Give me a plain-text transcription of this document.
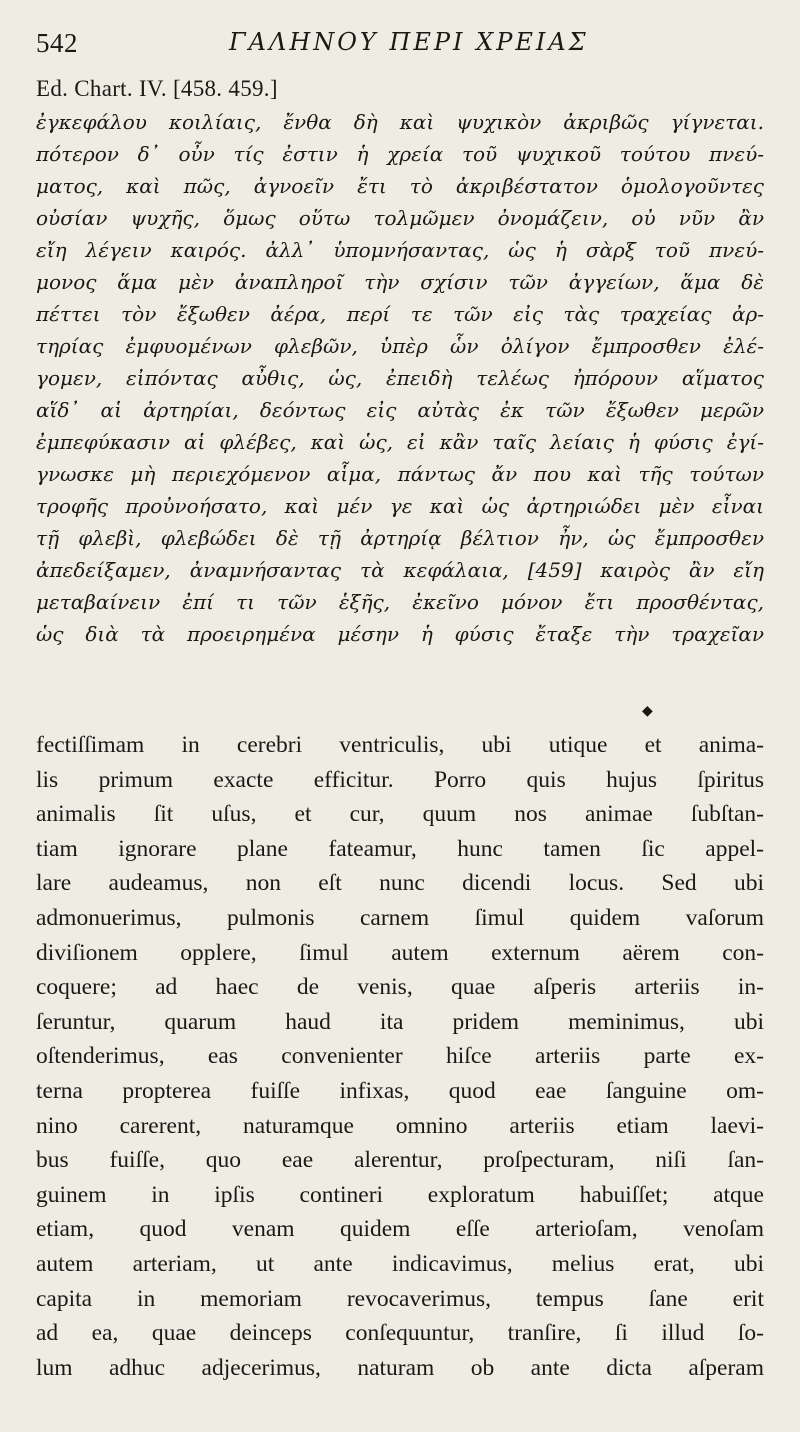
542	ΓΑΛΗΝΟΥ ΠΕΡΙ ΧΡΕΙΑΣ
Ed. Chart. IV. [458. 459.]
ἐγκεφάλου κοιλίαις, ἔνθα δὴ καὶ ψυχικὸν ἀκριβῶς γίγνεται.
πότερον δ᾽ οὖν τίς ἐστιν ἡ χρεία τοῦ ψυχικοῦ τούτου πνεύ-
ματος, καὶ πῶς, ἀγνοεῖν ἔτι τὸ ἀκριβέστατον ὁμολογοῦντες
οὐσίαν ψυχῆς, ὅμως οὕτω τολμῶμεν ὀνομάζειν, οὐ νῦν ἂν
εἴη λέγειν καιρός. ἀλλ᾽ ὑπομνήσαντας, ὡς ἡ σὰρξ τοῦ πνεύ-
μονος ἅμα μὲν ἀναπληροῖ τὴν σχίσιν τῶν ἀγγείων, ἅμα δὲ
πέττει τὸν ἔξωθεν ἀέρα, περί τε τῶν εἰς τὰς τραχείας ἀρ-
τηρίας ἐμφυομένων φλεβῶν, ὑπὲρ ὧν ὀλίγον ἔμπροσθεν ἐλέ-
γομεν, εἰπόντας αὖθις, ὡς, ἐπειδὴ τελέως ἠπόρουν αἵματος
αἵδ᾽ αἱ ἀρτηρίαι, δεόντως εἰς αὐτὰς ἐκ τῶν ἔξωθεν μερῶν
ἐμπεφύκασιν αἱ φλέβες, καὶ ὡς, εἰ κἂν ταῖς λείαις ἡ φύσις ἐγί-
γνωσκε μὴ περιεχόμενον αἷμα, πάντως ἄν που καὶ τῆς τούτων
τροφῆς προὐνοήσατο, καὶ μέν γε καὶ ὡς ἀρτηριώδει μὲν εἶναι
τῇ φλεβὶ, φλεβώδει δὲ τῇ ἀρτηρίᾳ βέλτιον ἦν, ὡς ἔμπροσθεν
ἀπεδείξαμεν, ἀναμνήσαντας τὰ κεφάλαια, [459] καιρὸς ἂν εἴη
μεταβαίνειν ἐπί τι τῶν ἑξῆς, ἐκεῖνο μόνον ἔτι προσθέντας,
ὡς διὰ τὰ προειρημένα μέσην ἡ φύσις ἔταξε τὴν τραχεῖαν
◆
fectiſſimam in cerebri ventriculis, ubi utique et anima-
lis primum exacte efficitur. Porro quis hujus ſpiritus
animalis ſit uſus, et cur, quum nos animae ſubſtan-
tiam ignorare plane fateamur, hunc tamen ſic appel-
lare audeamus, non eſt nunc dicendi locus. Sed ubi
admonuerimus, pulmonis carnem ſimul quidem vaſorum
diviſionem opplere, ſimul autem externum aërem con-
coquere; ad haec de venis, quae aſperis arteriis in-
ſeruntur, quarum haud ita pridem meminimus, ubi
oſtenderimus, eas convenienter hiſce arteriis parte ex-
terna propterea fuiſſe infixas, quod eae ſanguine om-
nino carerent, naturamque omnino arteriis etiam laevi-
bus fuiſſe, quo eae alerentur, proſpecturam, niſi ſan-
guinem in ipſis contineri exploratum habuiſſet; atque
etiam, quod venam quidem eſſe arterioſam, venoſam
autem arteriam, ut ante indicavimus, melius erat, ubi
capita in memoriam revocaverimus, tempus ſane erit
ad ea, quae deinceps conſequuntur, tranſire, ſi illud ſo-
lum adhuc adjecerimus, naturam ob ante dicta aſperam
